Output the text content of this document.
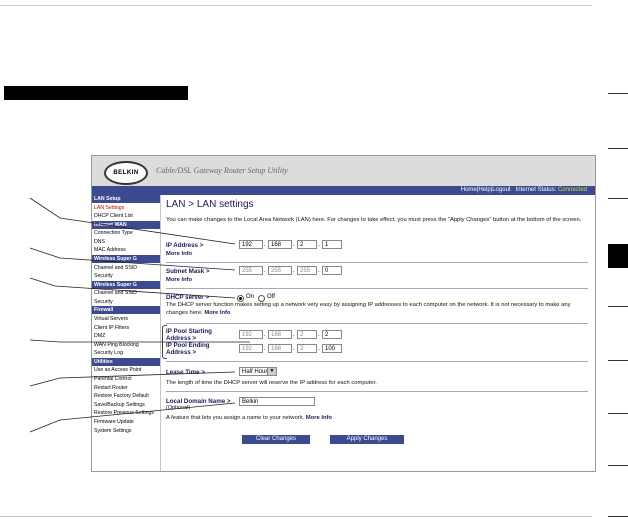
BELKIN	Cable/DSL Gateway Router Setup Utility
Home|Help|Logout Internet Status: Connected
LAN Setup
LAN Settings
DHCP Client List
Internet WAN
Connection Type
DNS
MAC Address
Wireless Super G
Channel and SSID
Security
Wireless Super G
Channel and SSID
Security
Firewall
Virtual Servers
Client IP Filters
DMZ
WAN Ping Blocking
Security Log
Utilities
Use as Access Point
Parental Control
Restart Router
Restore Factory Default
Save/Backup Settings
Restore Previous Settings
Firmware Update
System Settings
LAN > LAN settings
You can make changes to the Local Area Network (LAN) here. For changes to take effect, you must press the "Apply Changes" button at the bottom of the screen.
IP Address >	192	. 168	. 2	. 1
More Info
Subnet Mask >	255	. 255	. 255	. 0
More Info
DHCP server >	On Off
The DHCP server function makes setting up a network very easy by assigning IP addresses to each computer on the network. It is not necessary to make any changes here. More Info
IP Pool Starting Address >	192	. 168	. 2	. 2
IP Pool Ending Address >	192	. 168	. 2	. 100
Lease Time >	Half Hour ▼
The length of time the DHCP server will reserve the IP address for each computer.
Local Domain Name >
(Optional)
Belkin
A feature that lets you assign a name to your network. More Info
Clear Changes	Apply Changes
